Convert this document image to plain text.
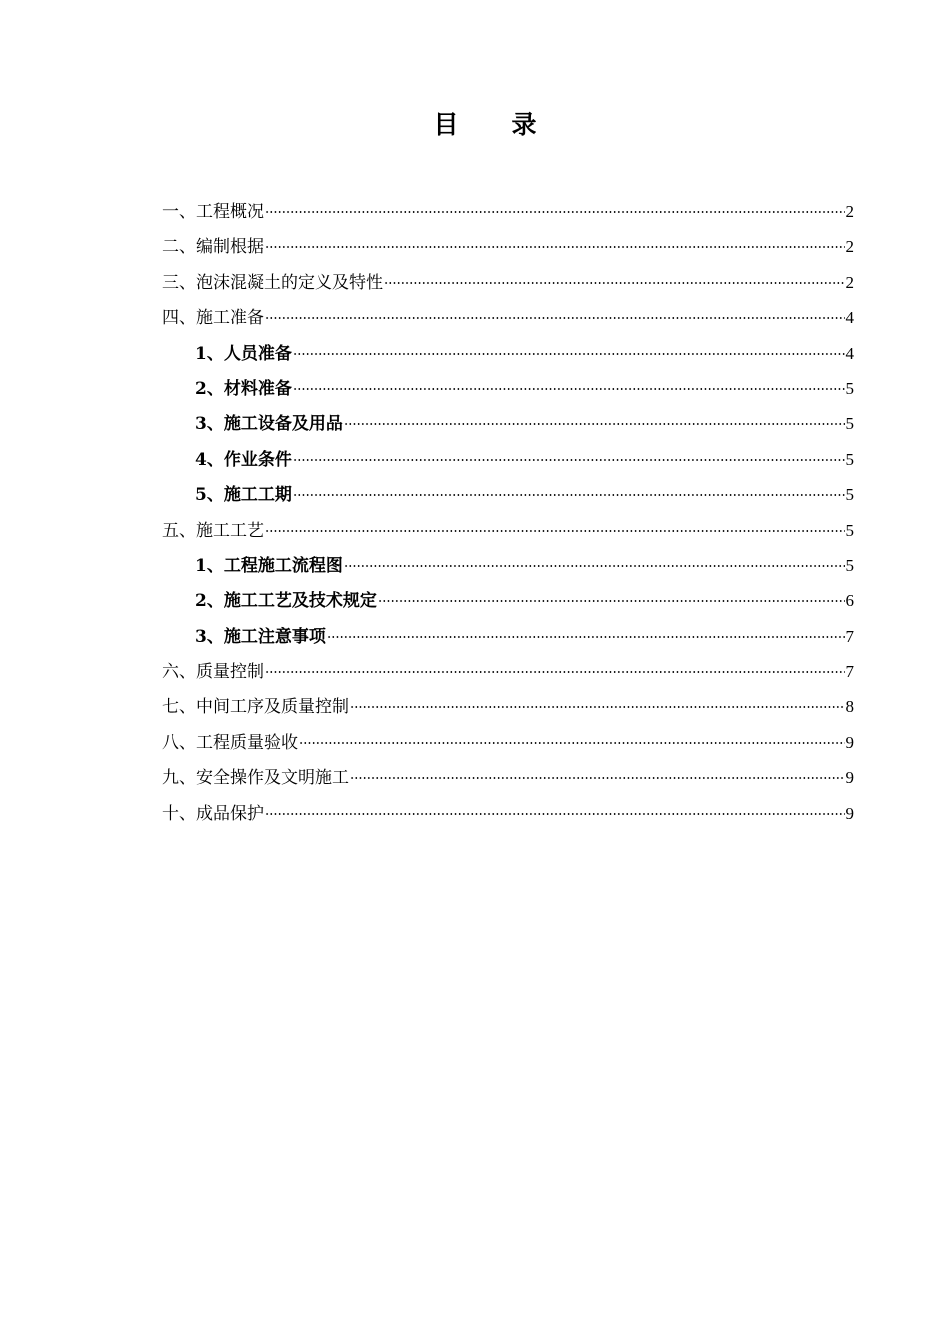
目　录
一、工程概况	2
二、编制根据	2
三、泡沫混凝土的定义及特性	2
四、施工准备	4
1、人员准备	4
2、材料准备	5
3、施工设备及用品	5
4、作业条件	5
5、施工工期	5
五、施工工艺	5
1、工程施工流程图	5
2、施工工艺及技术规定	6
3、施工注意事项	7
六、质量控制	7
七、中间工序及质量控制	8
八、工程质量验收	9
九、安全操作及文明施工	9
十、成品保护	9
